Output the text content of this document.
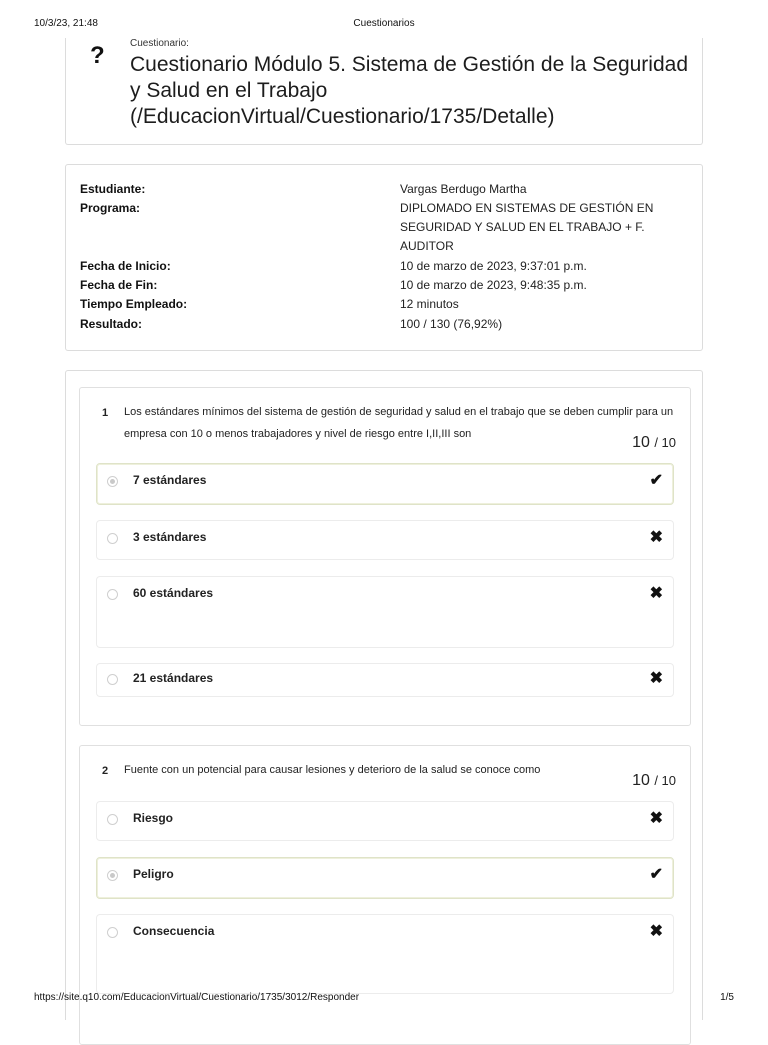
10/3/23, 21:48	Cuestionarios
?	Cuestionario:
Cuestionario Módulo 5. Sistema de Gestión de la Seguridad y Salud en el Trabajo (/EducacionVirtual/Cuestionario/1735/Detalle)
Estudiante:	Vargas Berdugo Martha
Programa:	DIPLOMADO EN SISTEMAS DE GESTIÓN EN SEGURIDAD Y SALUD EN EL TRABAJO + F. AUDITOR
Fecha de Inicio:	10 de marzo de 2023, 9:37:01 p.m.
Fecha de Fin:	10 de marzo de 2023, 9:48:35 p.m.
Tiempo Empleado:	12 minutos
Resultado:	100 / 130 (76,92%)
1 Los estándares mínimos del sistema de gestión de seguridad y salud en el trabajo que se deben cumplir para un empresa con 10 o menos trabajadores y nivel de riesgo entre I,II,III son	10 / 10
7 estándares	✔
3 estándares	✖
60 estándares	✖
21 estándares	✖
2 Fuente con un potencial para causar lesiones y deterioro de la salud se conoce como
10 / 10
Riesgo	✖
Peligro	✔
Consecuencia	✖
https://site.q10.com/EducacionVirtual/Cuestionario/1735/3012/Responder	1/5
